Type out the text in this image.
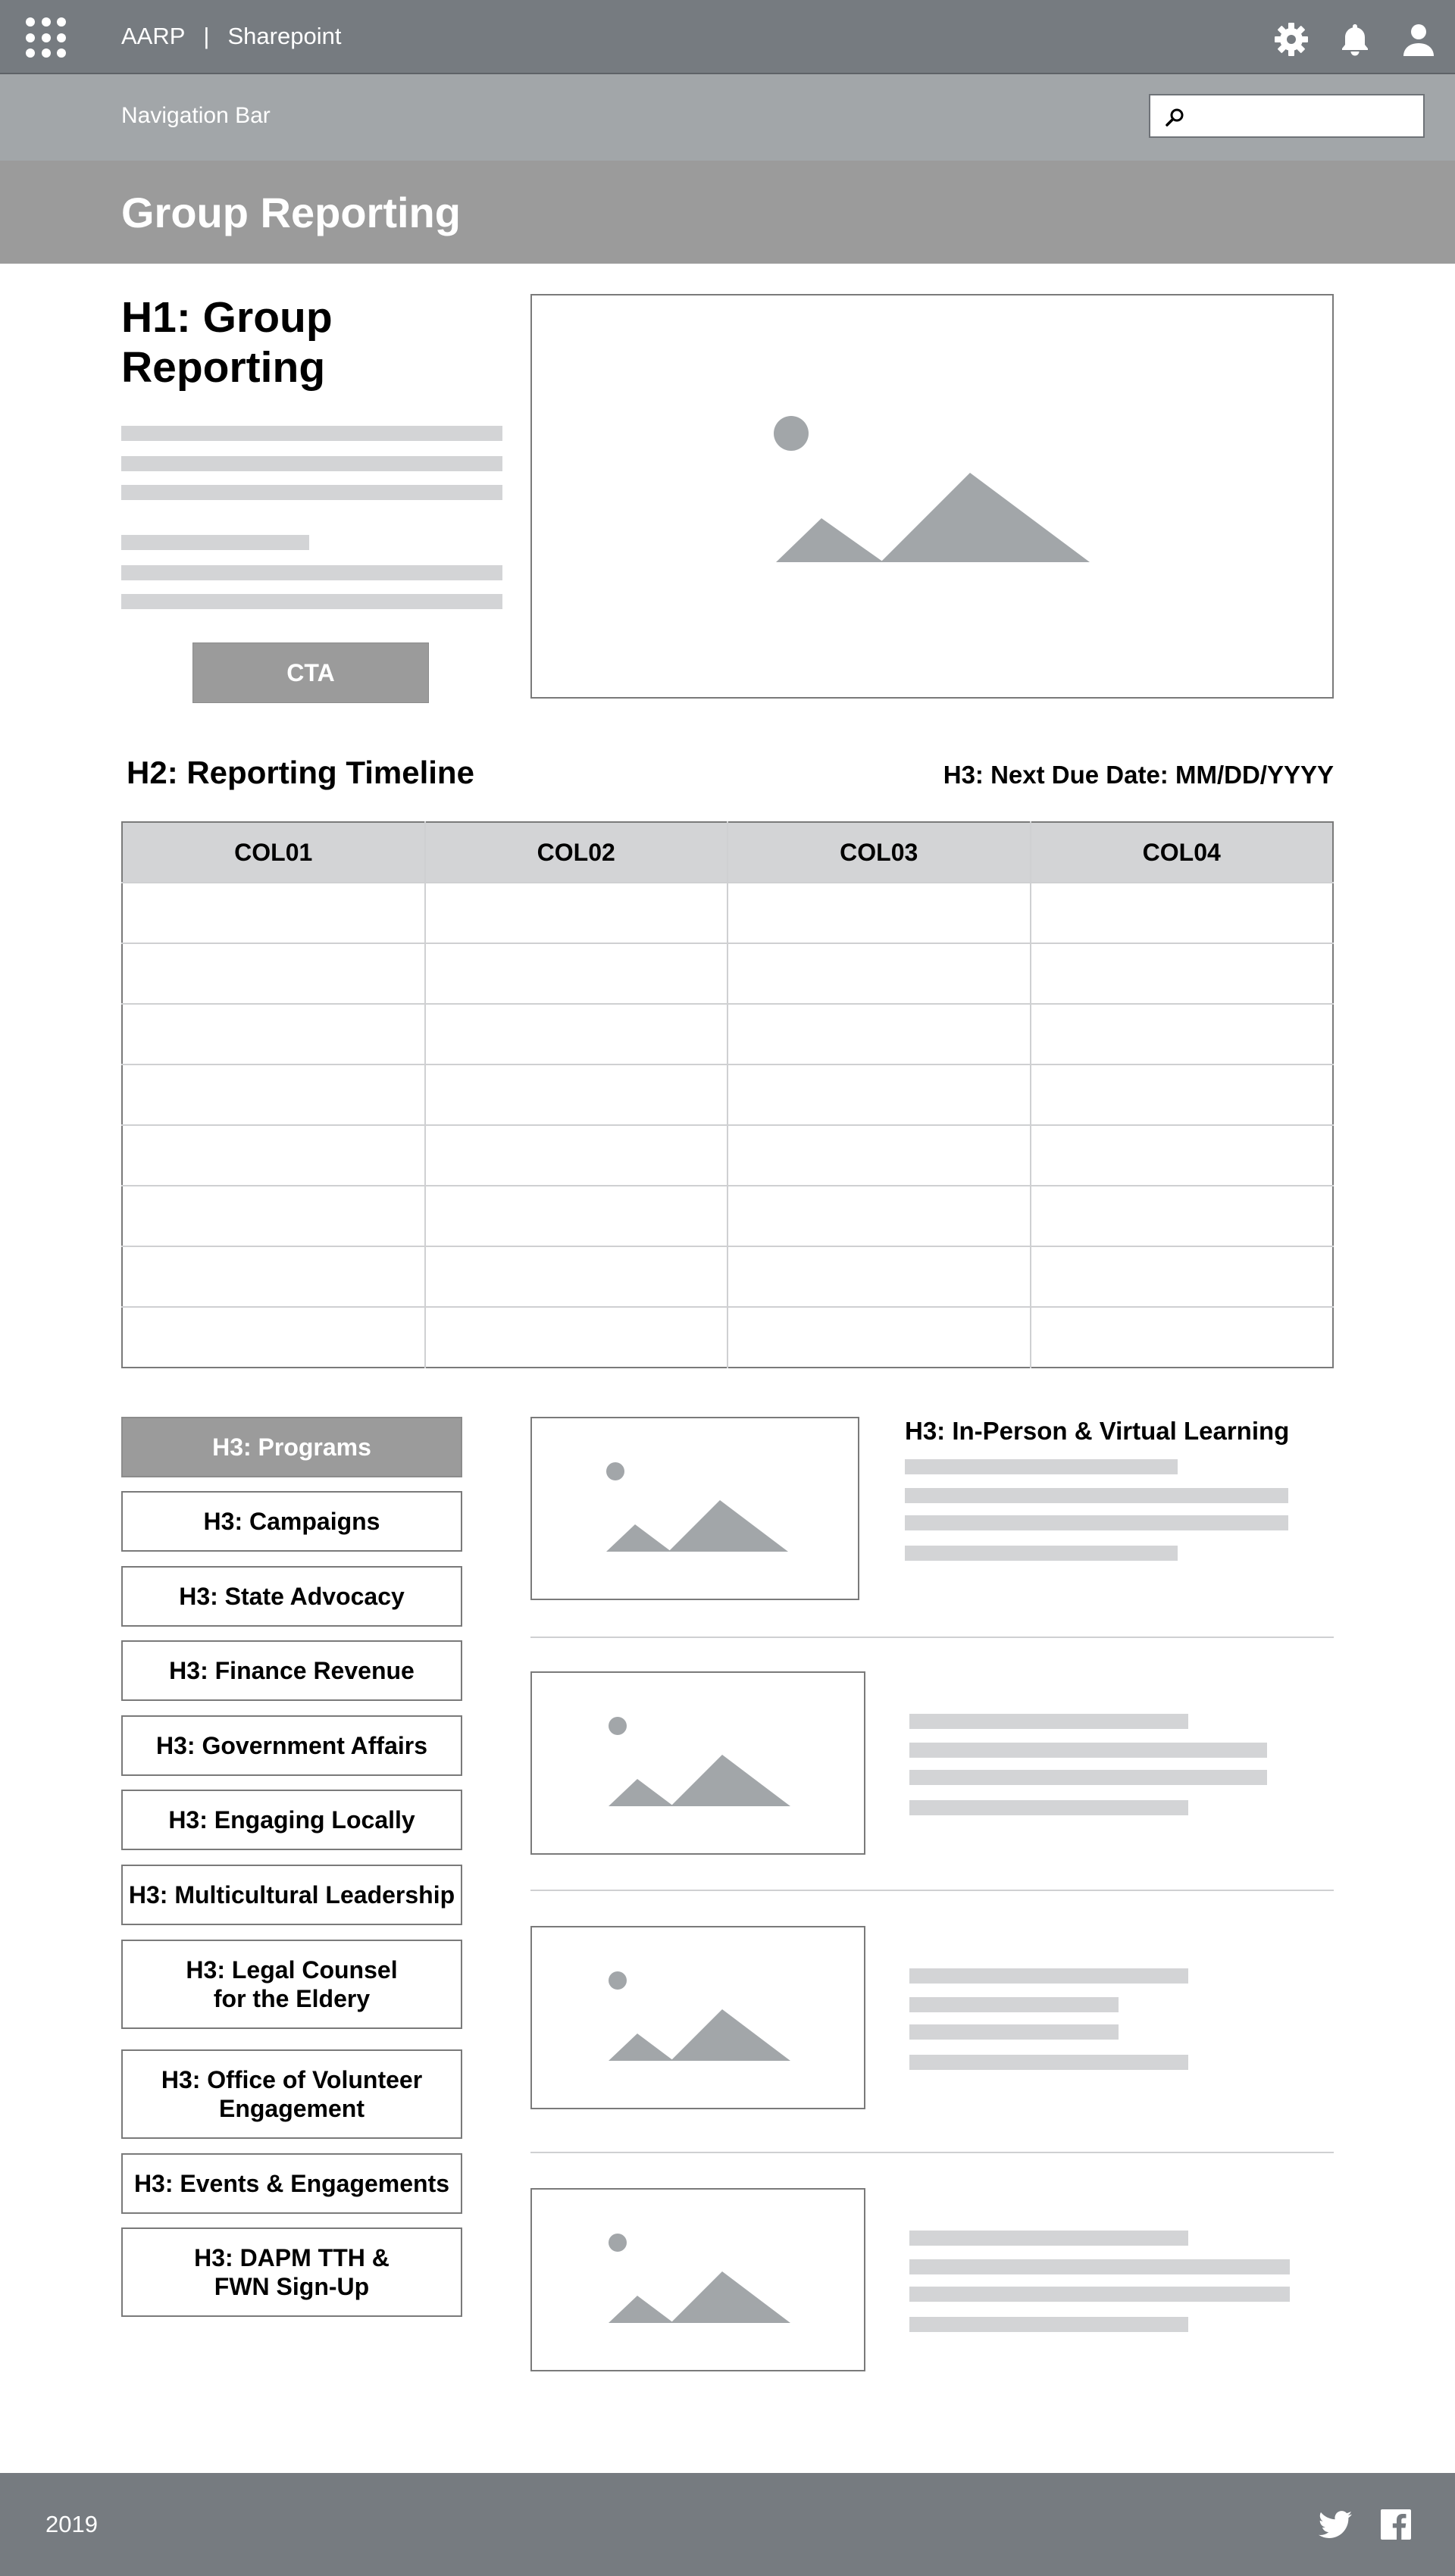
AARP | Sharepoint
Navigation Bar
Group Reporting
H1: Group Reporting
CTA
H2: Reporting Timeline	H3: Next Due Date: MM/DD/YYYY
COL01	COL02	COL03	COL04

H3: Programs
H3: Campaigns
H3: State Advocacy
H3: Finance Revenue
H3: Government Affairs
H3: Engaging Locally
H3: Multicultural Leadership
H3: Legal Counsel
for the Eldery
H3: Office of Volunteer
Engagement
H3: Events & Engagements
H3: DAPM TTH &
FWN Sign-Up
H3: In-Person & Virtual Learning
2019
